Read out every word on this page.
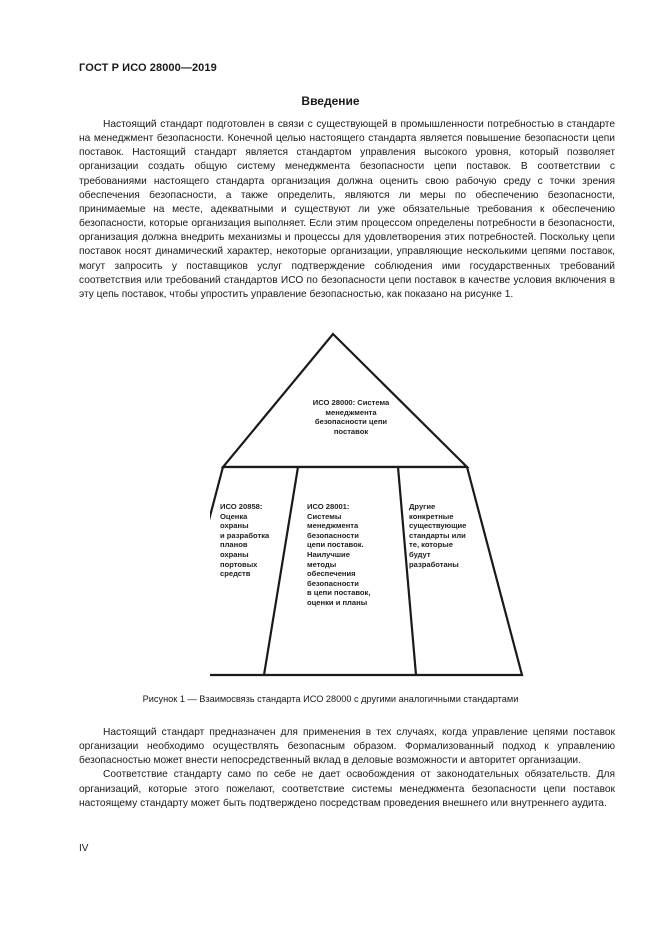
ГОСТ Р ИСО 28000—2019
Введение

Настоящий стандарт подготовлен в связи с существующей в промышленности потребностью в стандарте на менеджмент безопасности. Конечной целью настоящего стандарта является повышение безопасности цепи поставок. Настоящий стандарт является стандартом управления высокого уровня, который позволяет организации создать общую систему менеджмента безопасности цепи поставок. В соответствии с требованиями настоящего стандарта организация должна оценить свою рабочую среду с точки зрения обеспечения безопасности, а также определить, являются ли меры по обеспечению безопасности, принимаемые на месте, адекватными и существуют ли уже обязательные требования к обеспечению безопасности, которые организация выполняет. Если этим процессом определены потребности в безопасности, организация должна внедрить механизмы и процессы для удовлетворения этих потребностей. Поскольку цепи поставок носят динамический характер, некоторые организации, управляющие несколькими цепями поставок, могут запросить у поставщиков услуг подтверждение соблюдения ими государственных требований соответствия или требований стандартов ИСО по безопасности цепи поставок в качестве условия включения в эту цепь поставок, чтобы упростить управление безопасностью, как показано на рисунке 1.

ИСО 28000: Система
менеджмента
безопасности цепи
поставок
ИСО 20858:
Оценка
охраны
и разработка
планов
охраны
портовых
средств
ИСО 28001:
Системы
менеджмента
безопасности
цепи поставок.
Наилучшие
методы
обеспечения
безопасности
в цепи поставок,
оценки и планы
Другие
конкретные
существующие
стандарты или
те, которые
будут
разработаны
Рисунок 1 — Взаимосвязь стандарта ИСО 28000 с другими аналогичными стандартами

Настоящий стандарт предназначен для применения в тех случаях, когда управление цепями поставок организации необходимо осуществлять безопасным образом. Формализованный подход к управлению безопасностью может внести непосредственный вклад в деловые возможности и авторитет организации.

Соответствие стандарту само по себе не дает освобождения от законодательных обязательств. Для организаций, которые этого пожелают, соответствие системы менеджмента безопасности цепи поставок настоящему стандарту может быть подтверждено посредствам проведения внешнего или внутреннего аудита.

IV
